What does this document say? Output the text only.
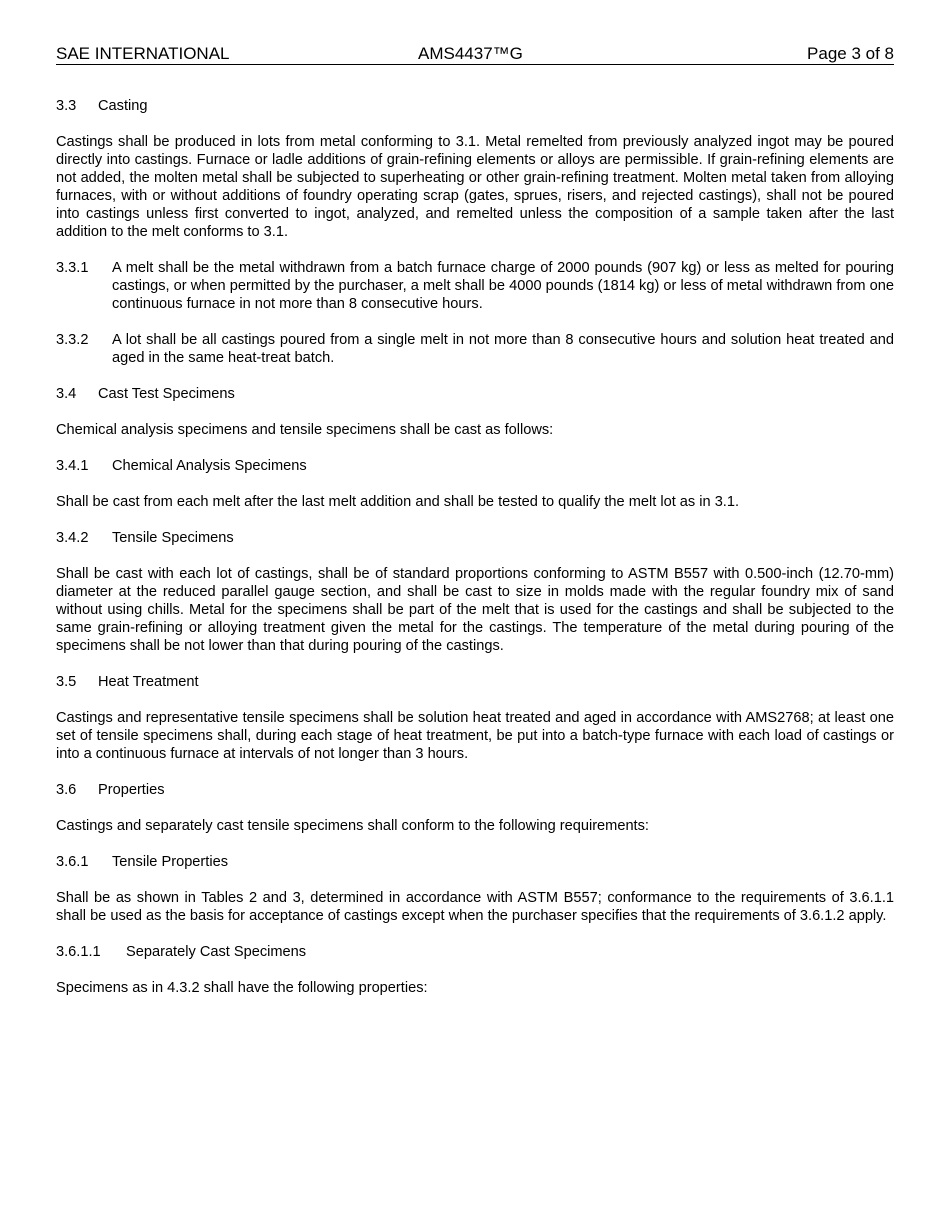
SAE INTERNATIONAL	AMS4437™G	Page 3 of 8
3.3 Casting

Castings shall be produced in lots from metal conforming to 3.1. Metal remelted from previously analyzed ingot may be poured directly into castings. Furnace or ladle additions of grain-refining elements or alloys are permissible. If grain-refining elements are not added, the molten metal shall be subjected to superheating or other grain-refining treatment. Molten metal taken from alloying furnaces, with or without additions of foundry operating scrap (gates, sprues, risers, and rejected castings), shall not be poured into castings unless first converted to ingot, analyzed, and remelted unless the composition of a sample taken after the last addition to the melt conforms to 3.1.

3.3.1 A melt shall be the metal withdrawn from a batch furnace charge of 2000 pounds (907 kg) or less as melted for pouring castings, or when permitted by the purchaser, a melt shall be 4000 pounds (1814 kg) or less of metal withdrawn from one continuous furnace in not more than 8 consecutive hours.
3.3.2 A lot shall be all castings poured from a single melt in not more than 8 consecutive hours and solution heat treated and aged in the same heat-treat batch.
3.4 Cast Test Specimens

Chemical analysis specimens and tensile specimens shall be cast as follows:

3.4.1 Chemical Analysis Specimens

Shall be cast from each melt after the last melt addition and shall be tested to qualify the melt lot as in 3.1.

3.4.2 Tensile Specimens

Shall be cast with each lot of castings, shall be of standard proportions conforming to ASTM B557 with 0.500-inch (12.70-mm) diameter at the reduced parallel gauge section, and shall be cast to size in molds made with the regular foundry mix of sand without using chills. Metal for the specimens shall be part of the melt that is used for the castings and shall be subjected to the same grain-refining or alloying treatment given the metal for the castings. The temperature of the metal during pouring of the specimens shall be not lower than that during pouring of the castings.

3.5 Heat Treatment

Castings and representative tensile specimens shall be solution heat treated and aged in accordance with AMS2768; at least one set of tensile specimens shall, during each stage of heat treatment, be put into a batch-type furnace with each load of castings or into a continuous furnace at intervals of not longer than 3 hours.

3.6 Properties

Castings and separately cast tensile specimens shall conform to the following requirements:

3.6.1 Tensile Properties

Shall be as shown in Tables 2 and 3, determined in accordance with ASTM B557; conformance to the requirements of 3.6.1.1 shall be used as the basis for acceptance of castings except when the purchaser specifies that the requirements of 3.6.1.2 apply.

3.6.1.1 Separately Cast Specimens

Specimens as in 4.3.2 shall have the following properties:
